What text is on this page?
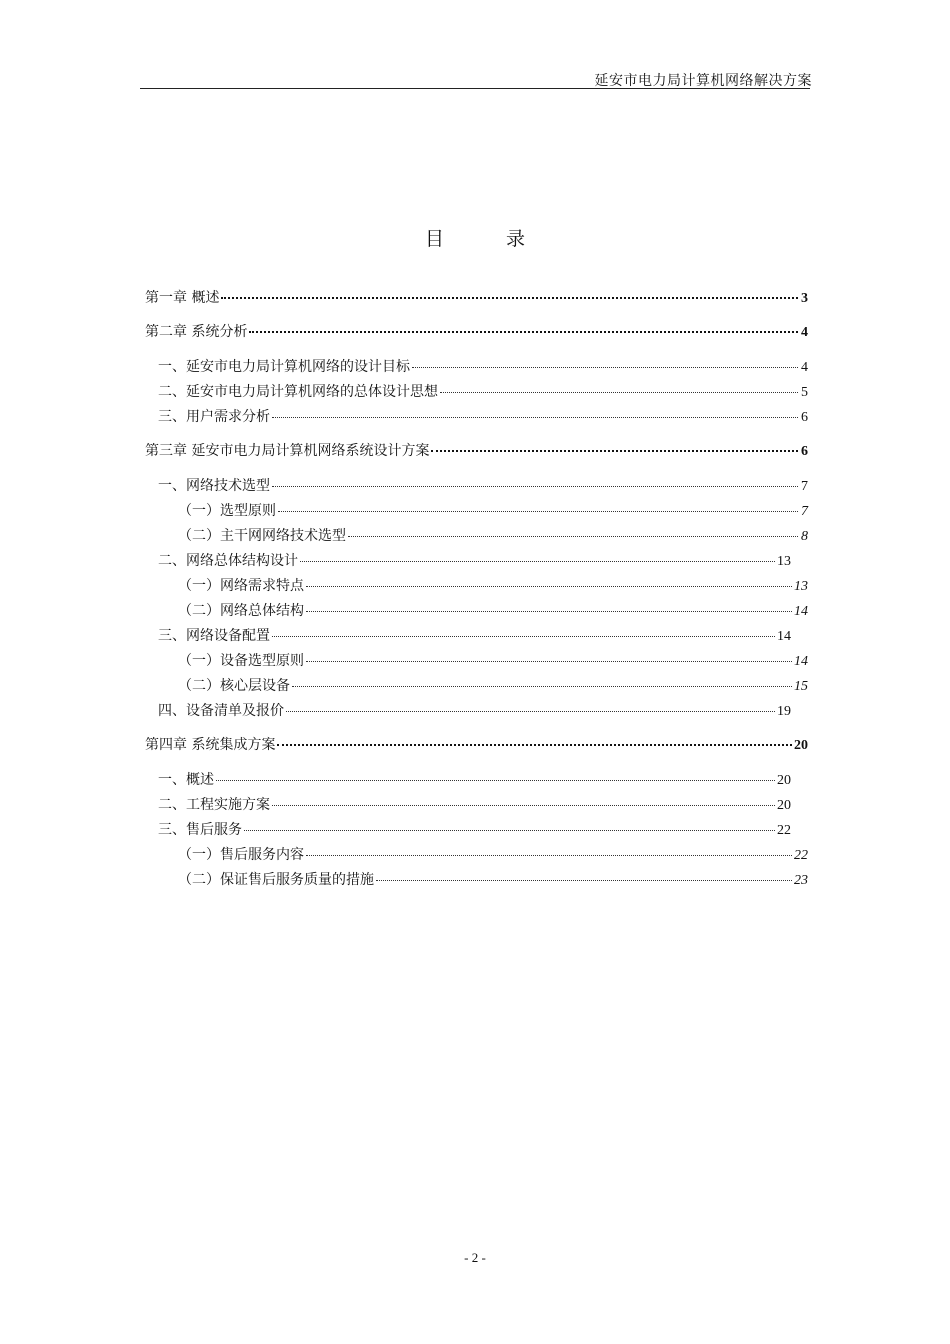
延安市电力局计算机网络解决方案
目 录
第一章 概述	3
第二章 系统分析	4
一、延安市电力局计算机网络的设计目标	4
二、延安市电力局计算机网络的总体设计思想	5
三、用户需求分析	6
第三章 延安市电力局计算机网络系统设计方案	6
一、网络技术选型	7
（一）选型原则	7
（二）主干网网络技术选型	8
二、网络总体结构设计	13
（一）网络需求特点	13
（二）网络总体结构	14
三、网络设备配置	14
（一）设备选型原则	14
（二）核心层设备	15
四、设备清单及报价	19
第四章 系统集成方案	20
一、概述	20
二、工程实施方案	20
三、售后服务	22
（一）售后服务内容	22
（二）保证售后服务质量的措施	23
- 2 -
